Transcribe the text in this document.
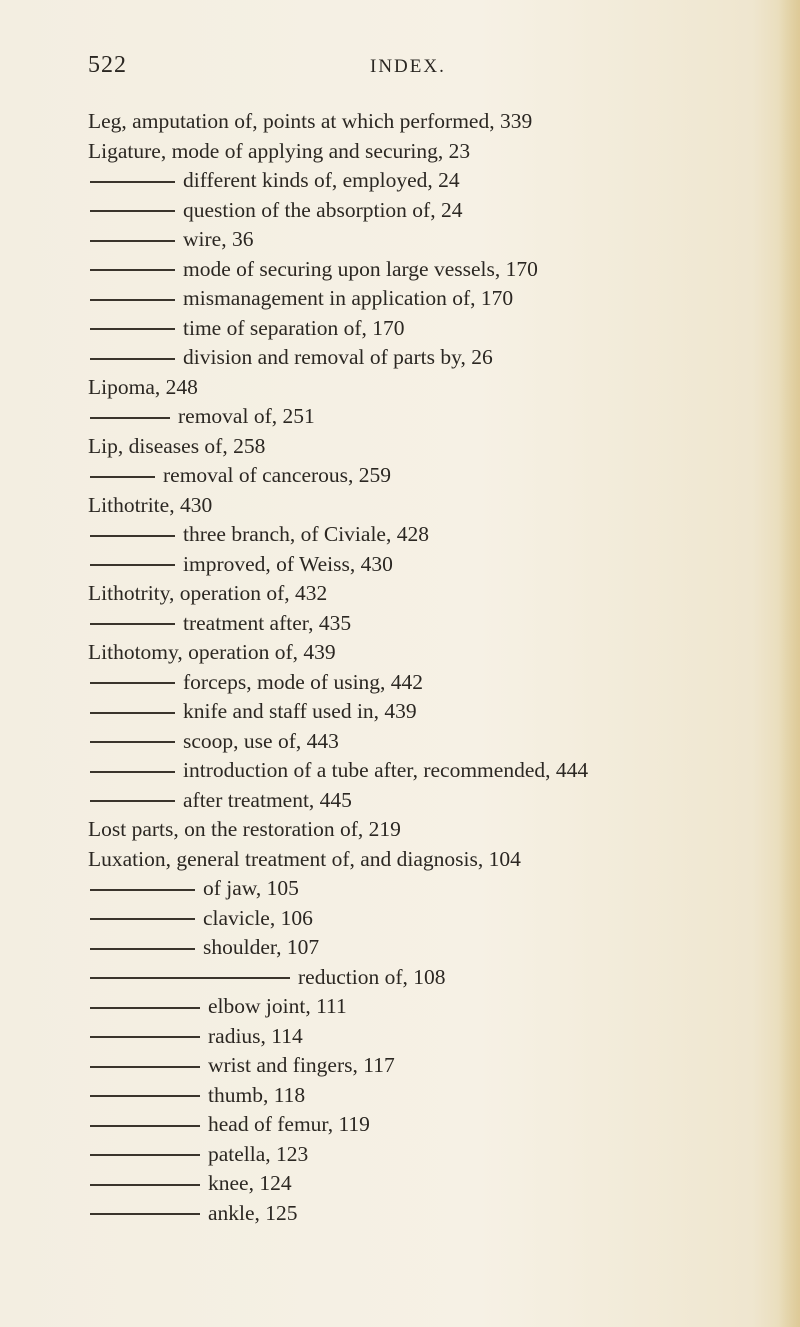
522	INDEX.
Leg, amputation of, points at which performed, 339
Ligature, mode of applying and securing, 23
different kinds of, employed, 24
question of the absorption of, 24
wire, 36
mode of securing upon large vessels, 170
mismanagement in application of, 170
time of separation of, 170
division and removal of parts by, 26
Lipoma, 248
removal of, 251
Lip, diseases of, 258
removal of cancerous, 259
Lithotrite, 430
three branch, of Civiale, 428
improved, of Weiss, 430
Lithotrity, operation of, 432
treatment after, 435
Lithotomy, operation of, 439
forceps, mode of using, 442
knife and staff used in, 439
scoop, use of, 443
introduction of a tube after, recommended, 444
after treatment, 445
Lost parts, on the restoration of, 219
Luxation, general treatment of, and diagnosis, 104
of jaw, 105
clavicle, 106
shoulder, 107
reduction of, 108
elbow joint, 111
radius, 114
wrist and fingers, 117
thumb, 118
head of femur, 119
patella, 123
knee, 124
ankle, 125
